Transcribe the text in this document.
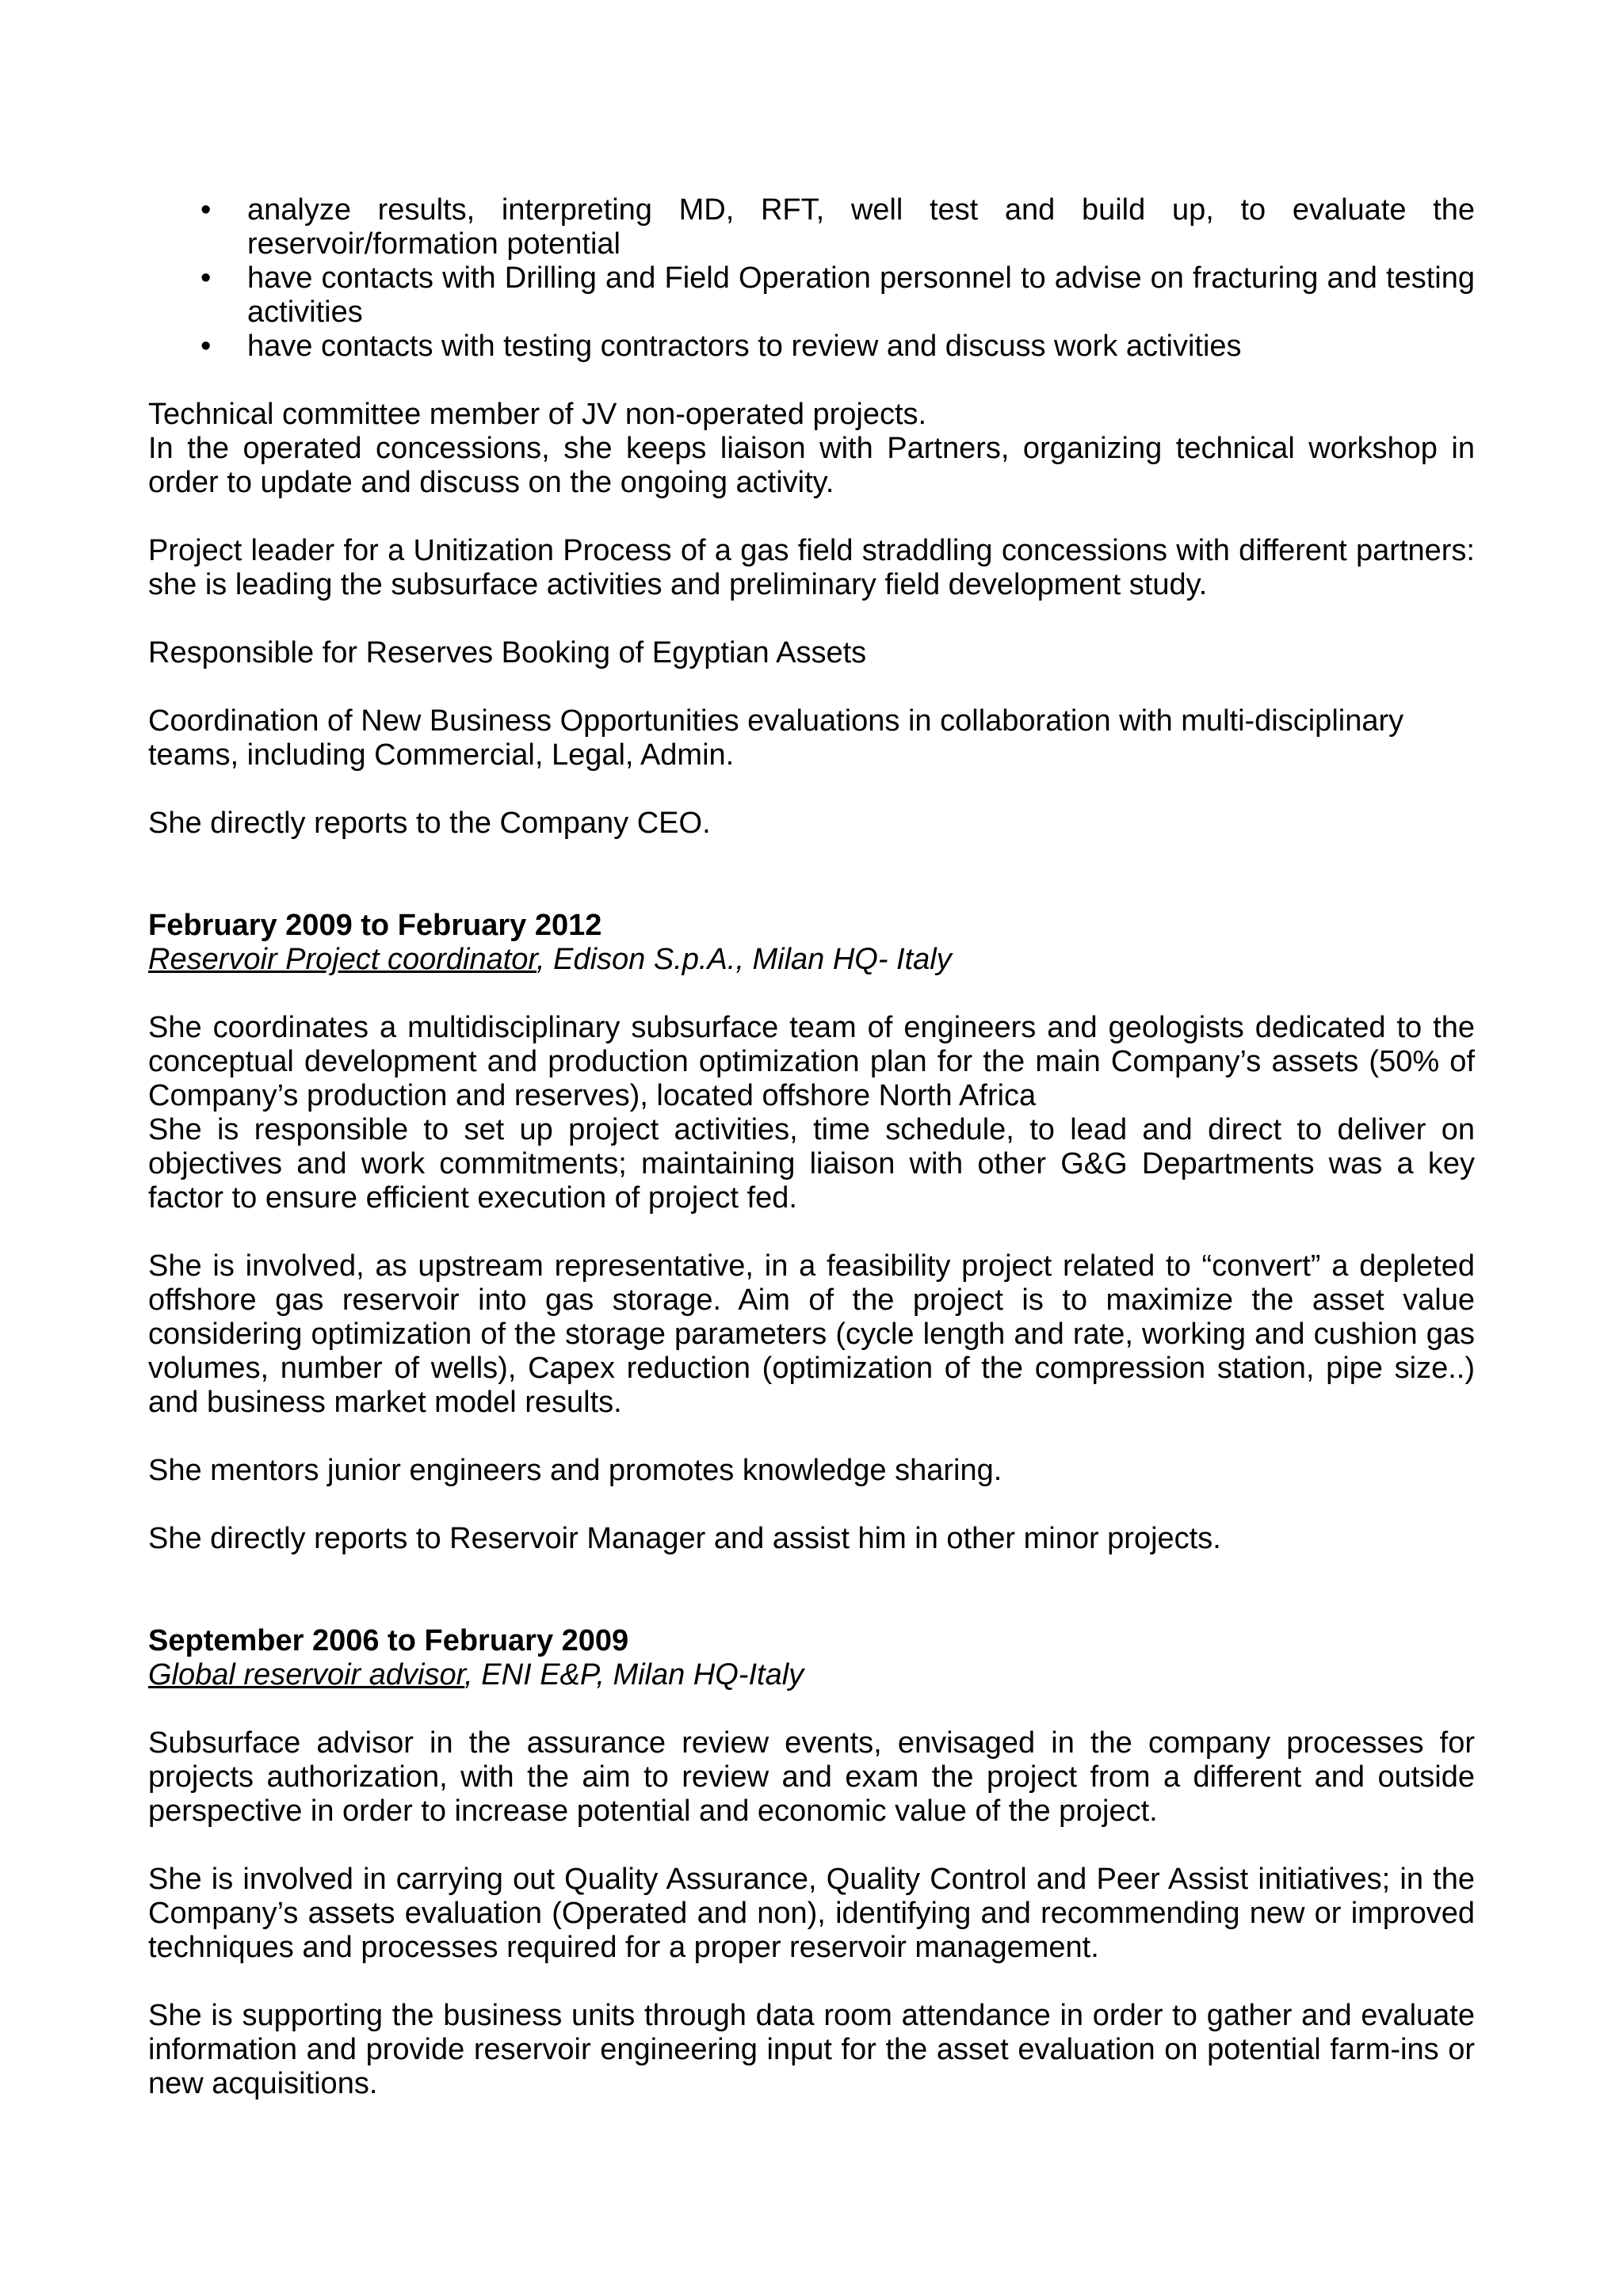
•	analyze results, interpreting MD, RFT, well test and build up, to evaluate the reservoir/formation potential
•	have contacts with Drilling and Field Operation personnel to advise on fracturing and testing activities
•	have contacts with testing contractors to review and discuss work activities

Technical committee member of JV non-operated projects.

In the operated concessions, she keeps liaison with Partners, organizing technical workshop in order to update and discuss on the ongoing activity.

Project leader for a Unitization Process of a gas field straddling concessions with different partners: she is leading the subsurface activities and preliminary field development study.

Responsible for Reserves Booking of Egyptian Assets

Coordination of New Business Opportunities evaluations in collaboration with multi-disciplinary

teams, including Commercial, Legal, Admin.

She directly reports to the Company CEO.

February 2009 to February 2012

Reservoir Project coordinator, Edison S.p.A., Milan HQ- Italy

She coordinates a multidisciplinary subsurface team of engineers and geologists dedicated to the conceptual development and production optimization plan for the main Company’s assets (50% of Company’s production and reserves), located offshore North Africa

She is responsible to set up project activities, time schedule, to lead and direct to deliver on objectives and work commitments; maintaining liaison with other G&G Departments was a key factor to ensure efficient execution of project fed.

She is involved, as upstream representative, in a feasibility project related to “convert” a depleted offshore gas reservoir into gas storage. Aim of the project is to maximize the asset value considering optimization of the storage parameters (cycle length and rate, working and cushion gas volumes, number of wells), Capex reduction (optimization of the compression station, pipe size..) and business market model results.

She mentors junior engineers and promotes knowledge sharing.

She directly reports to Reservoir Manager and assist him in other minor projects.

September 2006 to February 2009

Global reservoir advisor, ENI E&P, Milan HQ-Italy

Subsurface advisor in the assurance review events, envisaged in the company processes for projects authorization, with the aim to review and exam the project from a different and outside perspective in order to increase potential and economic value of the project.

She is involved in carrying out Quality Assurance, Quality Control and Peer Assist initiatives; in the Company’s assets evaluation (Operated and non), identifying and recommending new or improved techniques and processes required for a proper reservoir management.

She is supporting the business units through data room attendance in order to gather and evaluate information and provide reservoir engineering input for the asset evaluation on potential farm-ins or new acquisitions.
